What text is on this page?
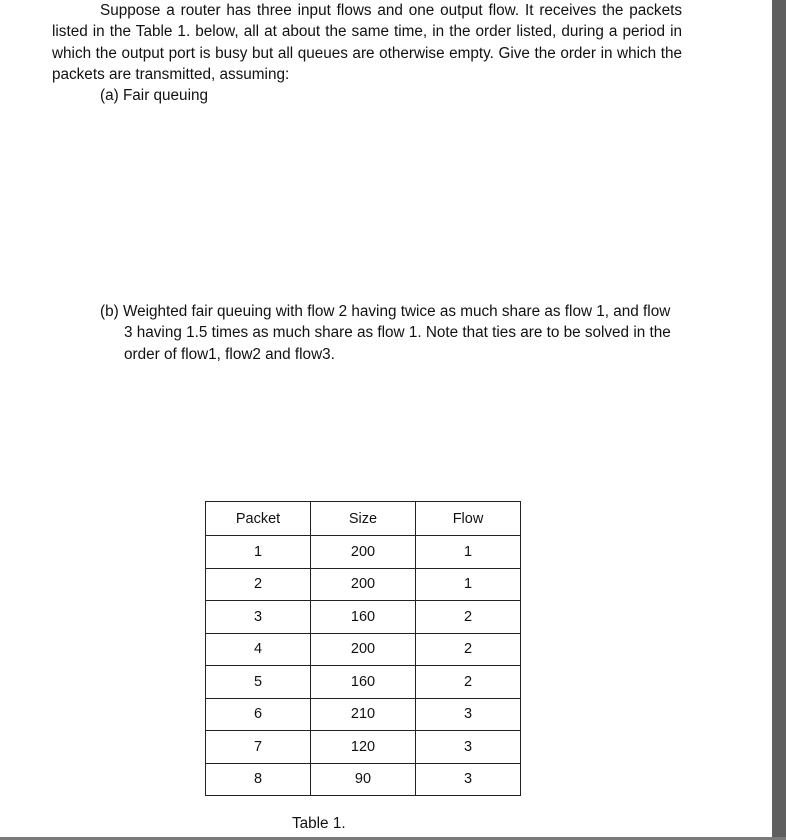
Suppose a router has three input flows and one output flow. It receives the packets listed in the Table 1. below, all at about the same time, in the order listed, during a period in which the output port is busy but all queues are otherwise empty. Give the order in which the packets are transmitted, assuming:
(a) Fair queuing
(b) Weighted fair queuing with flow 2 having twice as much share as flow 1, and flow 3 having 1.5 times as much share as flow 1. Note that ties are to be solved in the order of flow1, flow2 and flow3.
Packet	Size	Flow
1	200	1
2	200	1
3	160	2
4	200	2
5	160	2
6	210	3
7	120	3
8	90	3
Table 1.
